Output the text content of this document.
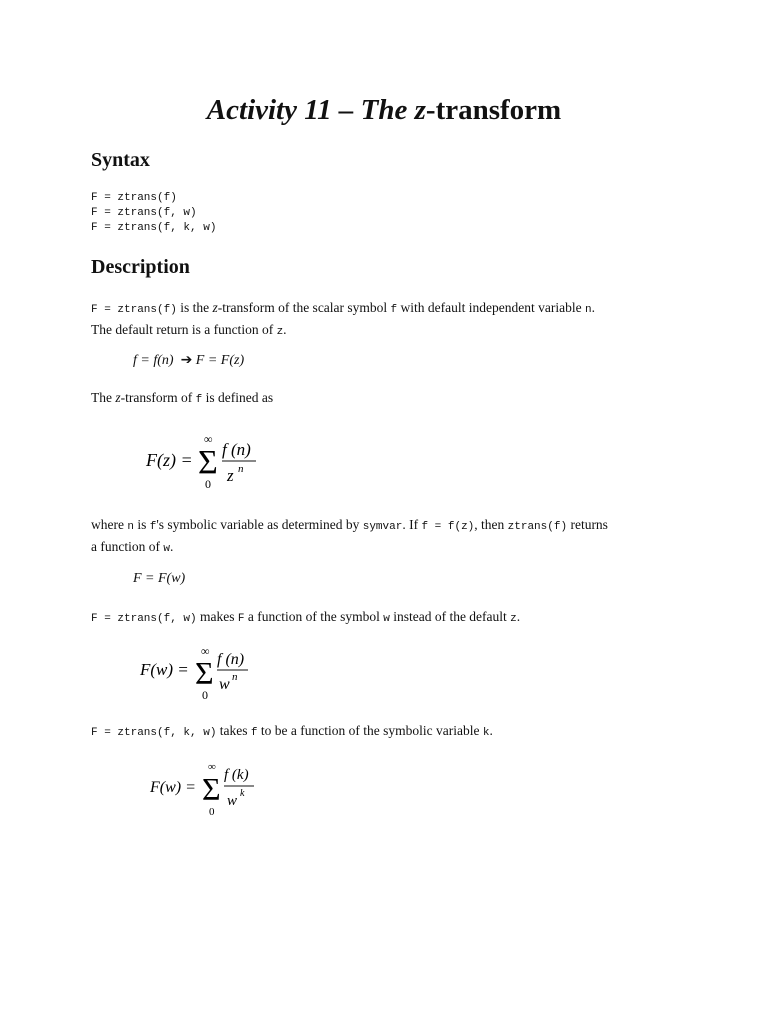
Activity 11 – The z-transform
Syntax
F = ztrans(f)
F = ztrans(f, w)
F = ztrans(f, k, w)
Description
F = ztrans(f) is the z-transform of the scalar symbol f with default independent variable n.
The default return is a function of z.
f = f(n) ➔ F = F(z)
The z-transform of f is defined as
F(z) =
∞
Σ
0
f (n)
z n
where n is f's symbolic variable as determined by symvar. If f = f(z), then ztrans(f) returns
a function of w.
F = F(w)
F = ztrans(f, w) makes F a function of the symbol w instead of the default z.
F(w) =
∞
Σ
0
f (n)
w n
F = ztrans(f, k, w) takes f to be a function of the symbolic variable k.
F(w) =
∞
Σ
0
f (k)
w k
